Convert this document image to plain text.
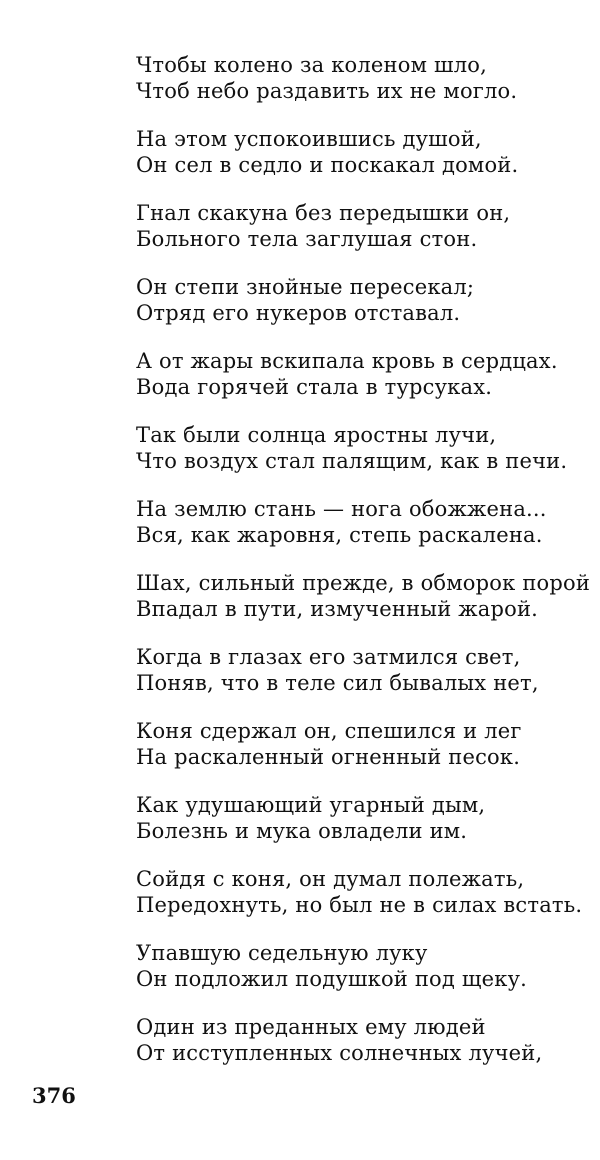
Чтобы колено за коленом шло,
Чтоб небо раздавить их не могло.
На этом успокоившись душой,
Он сел в седло и поскакал домой.
Гнал скакуна без передышки он,
Больного тела заглушая стон.
Он степи знойные пересекал;
Отряд его нукеров отставал.
А от жары вскипала кровь в сердцах.
Вода горячей стала в турсуках.
Так были солнца яростны лучи,
Что воздух стал палящим, как в печи.
На землю стань — нога обожжена...
Вся, как жаровня, степь раскалена.
Шах, сильный прежде, в обморок порой
Впадал в пути, измученный жарой.
Когда в глазах его затмился свет,
Поняв, что в теле сил бывалых нет,
Коня сдержал он, спешился и лег
На раскаленный огненный песок.
Как удушающий угарный дым,
Болезнь и мука овладели им.
Сойдя с коня, он думал полежать,
Передохнуть, но был не в силах встать.
Упавшую седельную луку
Он подложил подушкой под щеку.
Один из преданных ему людей
От исступленных солнечных лучей,
376
